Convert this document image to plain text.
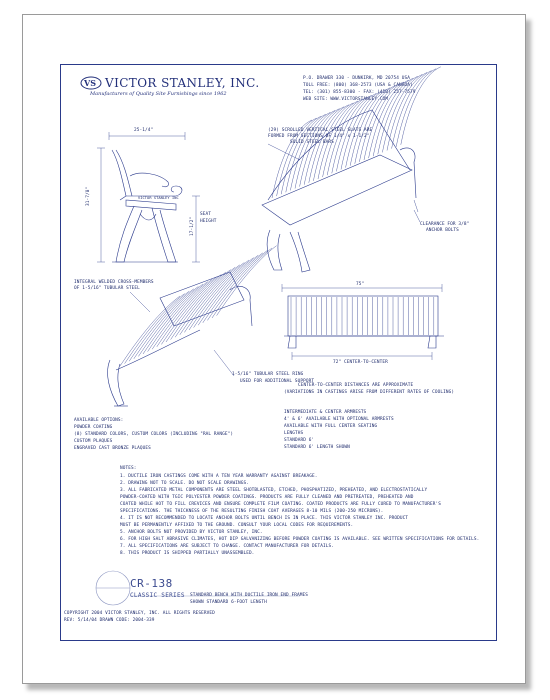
VS VICTOR STANLEY, INC.
Manufacturers of Quality Site Furnishings since 1962
P.O. DRAWER 330 - DUNKIRK, MD 20754 USA
TOLL FREE: (800) 368-2573 (USA & CANADA)
TEL: (301) 855-8300 - FAX: (410) 257-7579
WEB SITE: WWW.VICTORSTANLEY.COM
25-1/4"
31-7/8"
17-1/2"
SEAT
HEIGHT
75"
72" CENTER-TO-CENTER
VICTOR STANLEY INC
(29) SCROLLED VERTICAL STEEL SLATS ARE
FORMED FROM SECTIONS OF 1/4" x 1-1/2"
SOLID STEEL BARS
CLEARANCE FOR 3/8"
ANCHOR BOLTS
INTEGRAL WELDED CROSS-MEMBERS
OF 1-5/16" TUBULAR STEEL
1-5/16" TUBULAR STEEL RING
USED FOR ADDITIONAL SUPPORT
CENTER-TO-CENTER DISTANCES ARE APPROXIMATE
(VARIATIONS IN CASTINGS ARISE FROM DIFFERENT RATES OF COOLING)
AVAILABLE OPTIONS:
POWDER COATING
(8) STANDARD COLORS, CUSTOM COLORS (INCLUDING "RAL RANGE")
CUSTOM PLAQUES
ENGRAVED CAST BRONZE PLAQUES
INTERMEDIATE & CENTER ARMRESTS
4' & 6' AVAILABLE WITH OPTIONAL ARMRESTS
AVAILABLE WITH FULL CENTER SEATING
LENGTHS
STANDARD 6'
STANDARD 6' LENGTH SHOWN
NOTES:
1. DUCTILE IRON CASTINGS COME WITH A TEN YEAR WARRANTY AGAINST BREAKAGE.
2. DRAWING NOT TO SCALE. DO NOT SCALE DRAWINGS.
3. ALL FABRICATED METAL COMPONENTS ARE STEEL SHOTBLASTED, ETCHED, PHOSPHATIZED, PREHEATED, AND ELECTROSTATICALLY
POWDER-COATED WITH TGIC POLYESTER POWDER COATINGS. PRODUCTS ARE FULLY CLEANED AND PRETREATED, PREHEATED AND
COATED WHILE HOT TO FILL CREVICES AND ENSURE COMPLETE FILM COATING. COATED PRODUCTS ARE FULLY CURED TO MANUFACTURER'S
SPECIFICATIONS. THE THICKNESS OF THE RESULTING FINISH COAT AVERAGES 8-10 MILS (200-250 MICRONS).
4. IT IS NOT RECOMMENDED TO LOCATE ANCHOR BOLTS UNTIL BENCH IS IN PLACE. THIS VICTOR STANLEY INC. PRODUCT
MUST BE PERMANENTLY AFFIXED TO THE GROUND. CONSULT YOUR LOCAL CODES FOR REQUIREMENTS.
5. ANCHOR BOLTS NOT PROVIDED BY VICTOR STANLEY, INC.
6. FOR HIGH SALT ABRASIVE CLIMATES, HOT DIP GALVANIZING BEFORE POWDER COATING IS AVAILABLE. SEE WRITTEN SPECIFICATIONS FOR DETAILS.
7. ALL SPECIFICATIONS ARE SUBJECT TO CHANGE. CONTACT MANUFACTURER FOR DETAILS.
8. THIS PRODUCT IS SHIPPED PARTIALLY UNASSEMBLED.
CR-138
CLASSIC SERIES STANDARD BENCH WITH DUCTILE IRON END FRAMES
SHOWN STANDARD 6-FOOT LENGTH
COPYRIGHT 2004 VICTOR STANLEY, INC. ALL RIGHTS RESERVED
REV: 5/14/04 DRAWN CODE: 2004-339
